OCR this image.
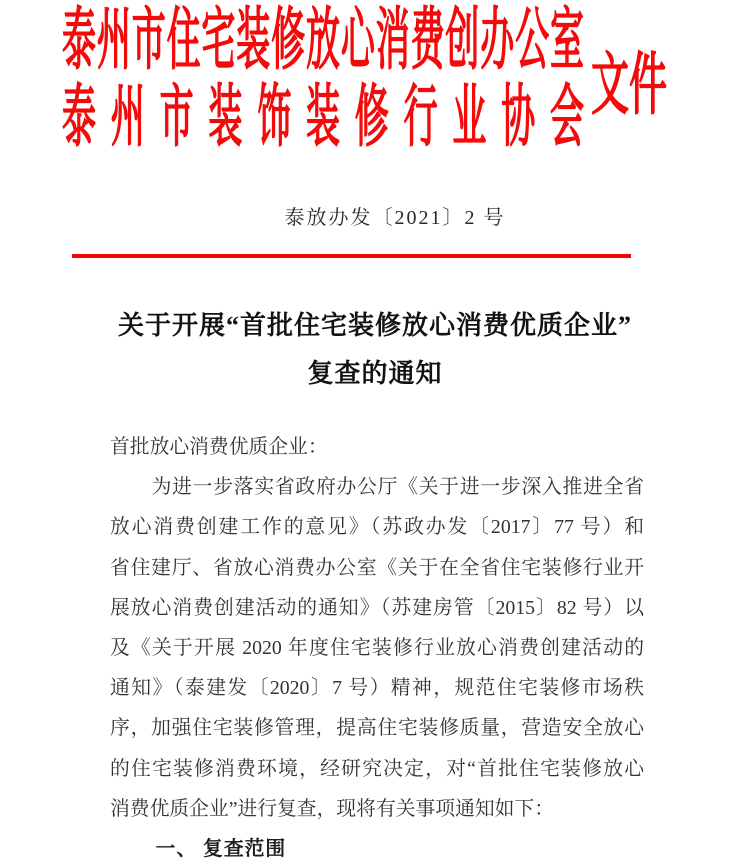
泰州市住宅装修放心消费创办公室
泰州市装饰装修行业协会 文件
泰放办发〔2021〕2 号
关于开展“首批住宅装修放心消费优质企业”
复查的通知
首批放心消费优质企业：
为进一步落实省政府办公厅《关于进一步深入推进全省
放心消费创建工作的意见》（苏政办发〔2017〕77 号）和
省住建厅、省放心消费办公室《关于在全省住宅装修行业开
展放心消费创建活动的通知》（苏建房管〔2015〕82 号）以
及《关于开展 2020 年度住宅装修行业放心消费创建活动的
通知》（泰建发〔2020〕7 号）精神，规范住宅装修市场秩
序，加强住宅装修管理，提高住宅装修质量，营造安全放心
的住宅装修消费环境，经研究决定，对“首批住宅装修放心
消费优质企业”进行复查，现将有关事项通知如下：
一、 复查范围
